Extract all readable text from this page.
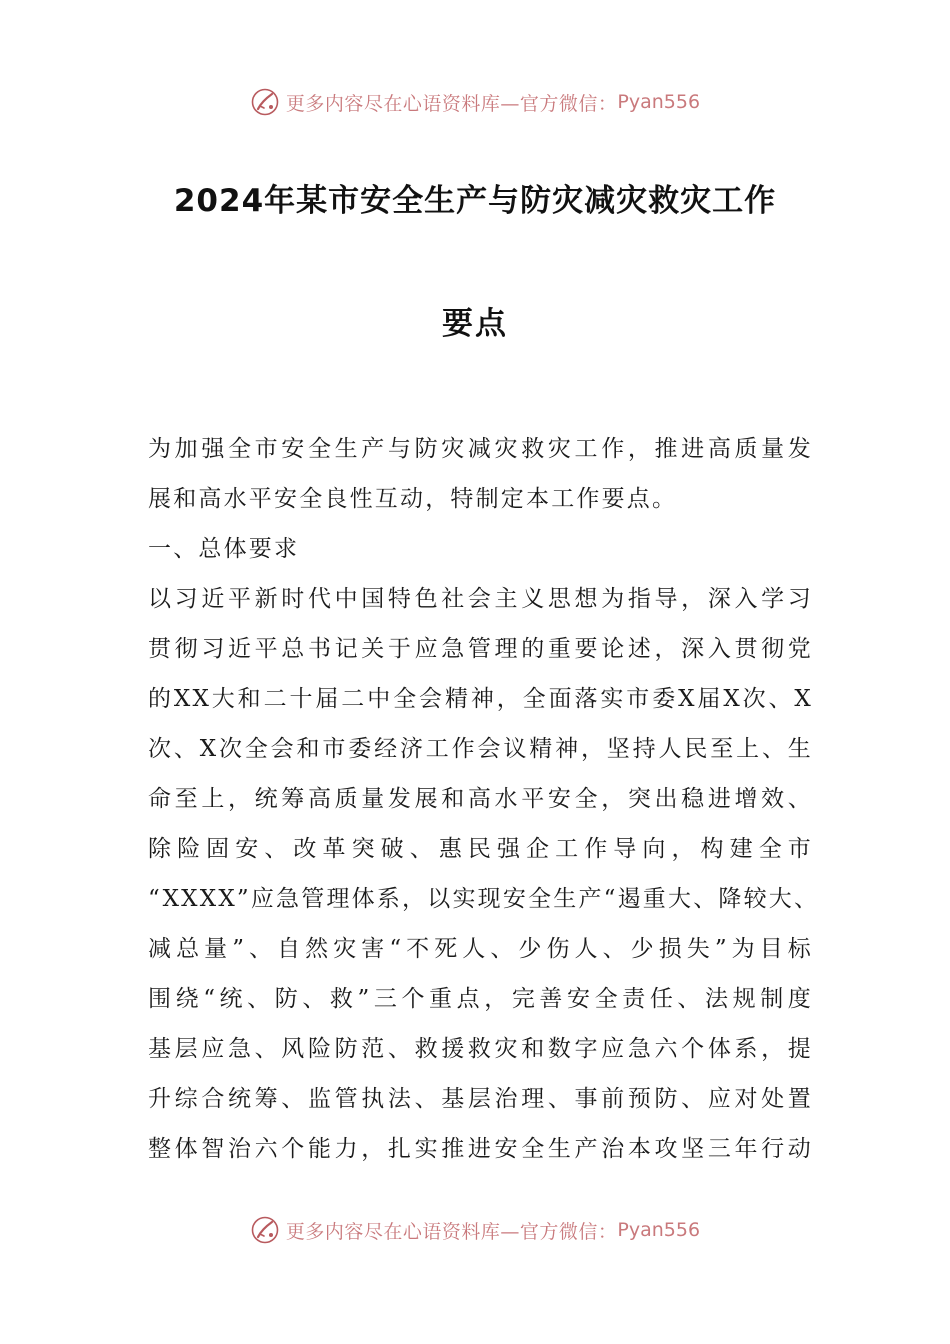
更多内容尽在心语资料库—官方微信： Pyan556
2024年某市安全生产与防灾减灾救灾工作
要点
为加强全市安全生产与防灾减灾救灾工作，推进高质量发
展和高水平安全良性互动，特制定本工作要点。
一、总体要求
以习近平新时代中国特色社会主义思想为指导，深入学习
贯彻习近平总书记关于应急管理的重要论述，深入贯彻党
的XX大和二十届二中全会精神，全面落实市委X届X次、X
次、X次全会和市委经济工作会议精神，坚持人民至上、生
命至上，统筹高质量发展和高水平安全，突出稳进增效、
除险固安、改革突破、惠民强企工作导向，构建全市
“XXXX”应急管理体系，以实现安全生产“遏重大、降较大、
减总量”、自然灾害“不死人、少伤人、少损失”为目标
围绕“统、防、救”三个重点，完善安全责任、法规制度
基层应急、风险防范、救援救灾和数字应急六个体系，提
升综合统筹、监管执法、基层治理、事前预防、应对处置
整体智治六个能力，扎实推进安全生产治本攻坚三年行动
更多内容尽在心语资料库—官方微信： Pyan556
